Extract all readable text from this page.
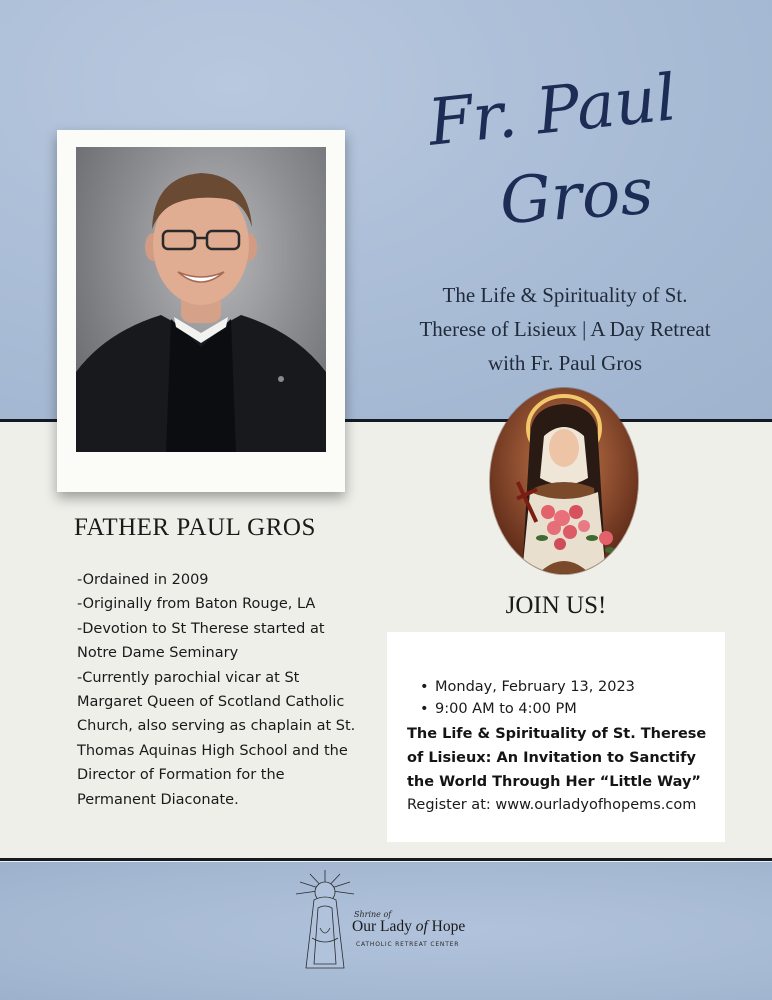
Fr. Paul
Gros
The Life & Spirituality of St.
Therese of Lisieux | A Day Retreat
with Fr. Paul Gros
FATHER PAUL GROS
-Ordained in 2009
-Originally from Baton Rouge, LA
-Devotion to St Therese started at
Notre Dame Seminary
-Currently parochial vicar at St
Margaret Queen of Scotland Catholic
Church, also serving as chaplain at St.
Thomas Aquinas High School and the
Director of Formation for the
Permanent Diaconate.
JOIN US!
• Monday, February 13, 2023
• 9:00 AM to 4:00 PM
The Life & Spirituality of St. Therese
of Lisieux: An Invitation to Sanctify
the World Through Her “Little Way”
Register at: www.ourladyofhopems.com
Shrine of
Our Lady of Hope
CATHOLIC RETREAT CENTER
